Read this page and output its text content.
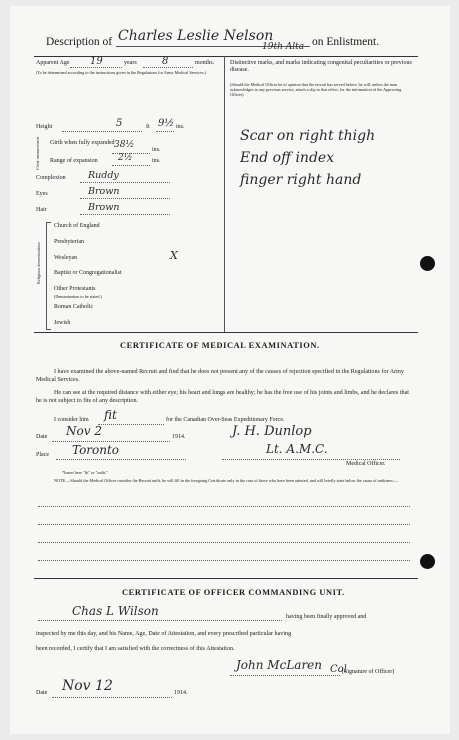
Description of Charles Leslie Nelson
19th Alta on Enlistment.
Apparent Age 19	years	8	months.
(To be determined according to the instructions given in the Regulations for Army Medical Services.)
Height	5	ft 9½ ins.
Chest measurement Girth when fully expanded 38½	ins.
Range of expansion 2½	ins.
Complexion Ruddy
Eyes	Brown
Hair	Brown
Religious denominations
Church of England
Presbyterian
Wesleyan	X
Baptist or Congregationalist
Other Protestants
(Denomination to be stated.)
Roman Catholic
Jewish
Distinctive marks, and marks indicating congenital peculiarities or previous disease.
(Should the Medical Officer be of opinion that the recruit has served before, he will, unless the man acknowledges to any previous service, attach a slip to that effect, for the information of the Approving Officer).
Scar on right thigh
End off index
finger right hand
CERTIFICATE OF MEDICAL EXAMINATION.
I have examined the above-named Recruit and find that he does not present any of the causes of rejection specified in the Regulations for Army Medical Services.
He can see at the required distance with either eye; his heart and lungs are healthy; he has the free use of his joints and limbs, and he declares that he is not subject to fits of any description.
I consider him fit	for the Canadian Over-Seas Expeditionary Force.
Date Nov 2	1914.
Place Toronto
J. H. Dunlop
Lt. A.M.C.
Medical Officer.
*Insert here "fit" or "unfit."
NOTE.—Should the Medical Officer consider the Recruit unfit, he will fill in the foregoing Certificate only in the case of those who have been attested, and will briefly state below the cause of unfitness:—
CERTIFICATE OF OFFICER COMMANDING UNIT.
Chas L Wilson	having been finally approved and
inspected by me this day, and his Name, Age, Date of Attestation, and every prescribed particular having
been recorded, I certify that I am satisfied with the correctness of this Attestation.
John McLaren Col
(Signature of Officer)
Date Nov 12	1914.
